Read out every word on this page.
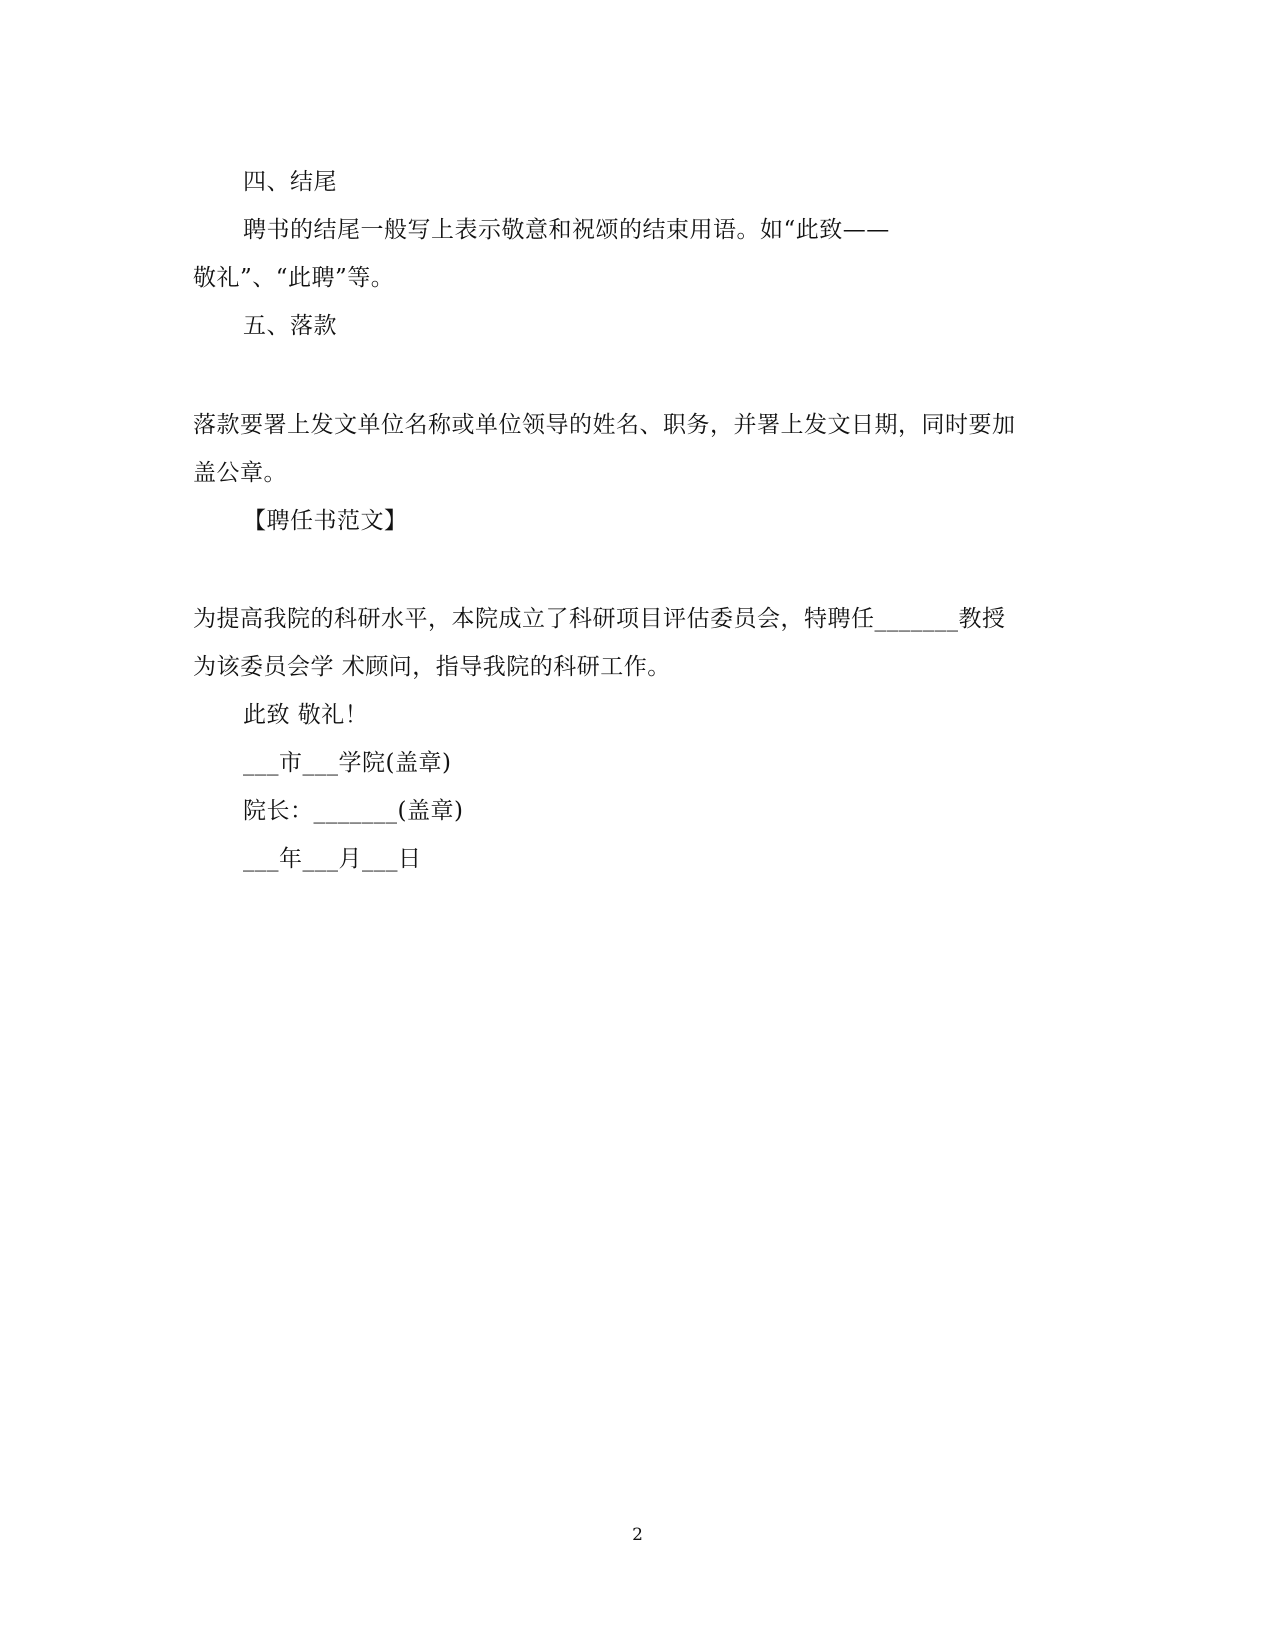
四、结尾
聘书的结尾一般写上表示敬意和祝颂的结束用语。如“此致——
敬礼”、“此聘”等。
五、落款
落款要署上发文单位名称或单位领导的姓名、职务，并署上发文日期，同时要加
盖公章。
【聘任书范文】
为提高我院的科研水平，本院成立了科研项目评估委员会，特聘任_______教授
为该委员会学 术顾问，指导我院的科研工作。
此致 敬礼！
___市___学院(盖章)
院长：_______(盖章)
___年___月___日
2
